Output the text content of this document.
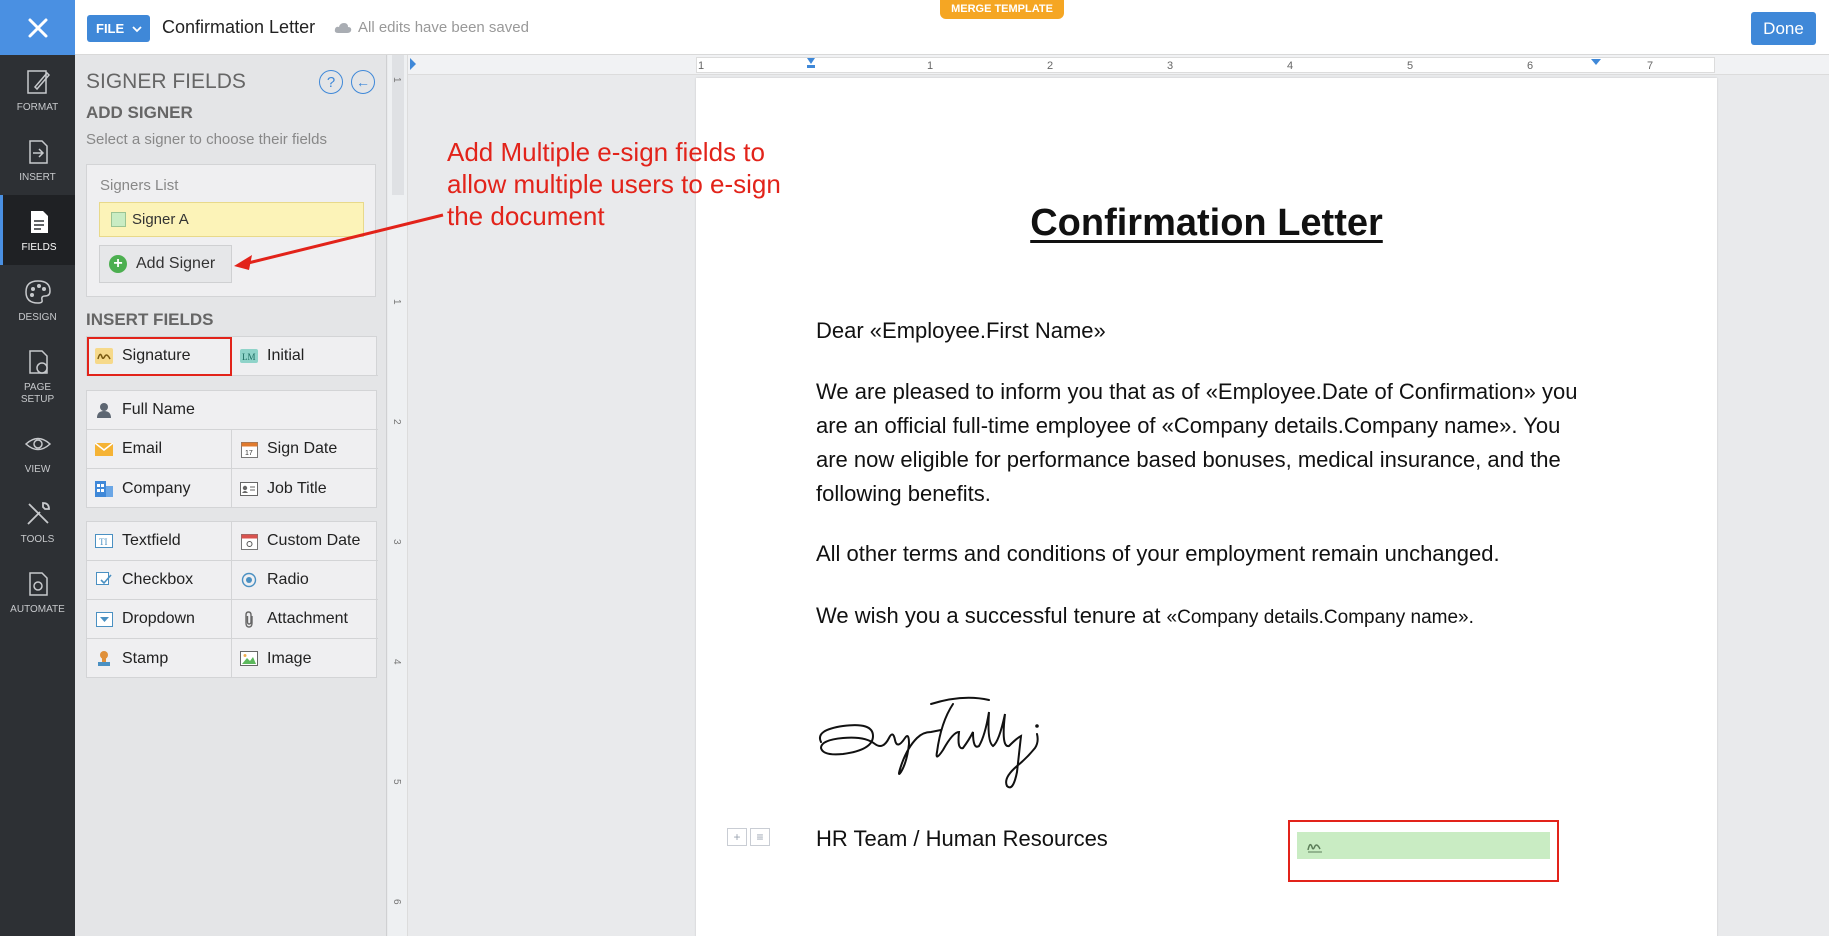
FILE Confirmation Letter	All edits have been saved
MERGE TEMPLATE
Done
FORMAT
INSERT
FIELDS
DESIGN
PAGE SETUP
VIEW
TOOLS
AUTOMATE
SIGNER FIELDS	? ←
ADD SIGNER
Select a signer to choose their fields
Signers List
Signer A
+ Add Signer
INSERT FIELDS
Signature	LM Initial
Full Name
Email	17 Sign Date
Company	Job Title
TI Textfield	Custom Date
Checkbox	Radio
Dropdown	Attachment
Stamp	Image
1
1
2
3
4
5
6
1	1	2	3	4	5	6	7
Confirmation Letter
Dear «Employee.First Name»
We are pleased to inform you that as of «Employee.Date of Confirmation» you are an official full-time employee of «Company details.Company name». You are now eligible for performance based bonuses, medical insurance, and the following benefits.
All other terms and conditions of your employment remain unchanged.
We wish you a successful tenure at «Company details.Company name».
+	≡ HR Team / Human Resources
Add Multiple e-sign fields to
allow multiple users to e-sign
the document
